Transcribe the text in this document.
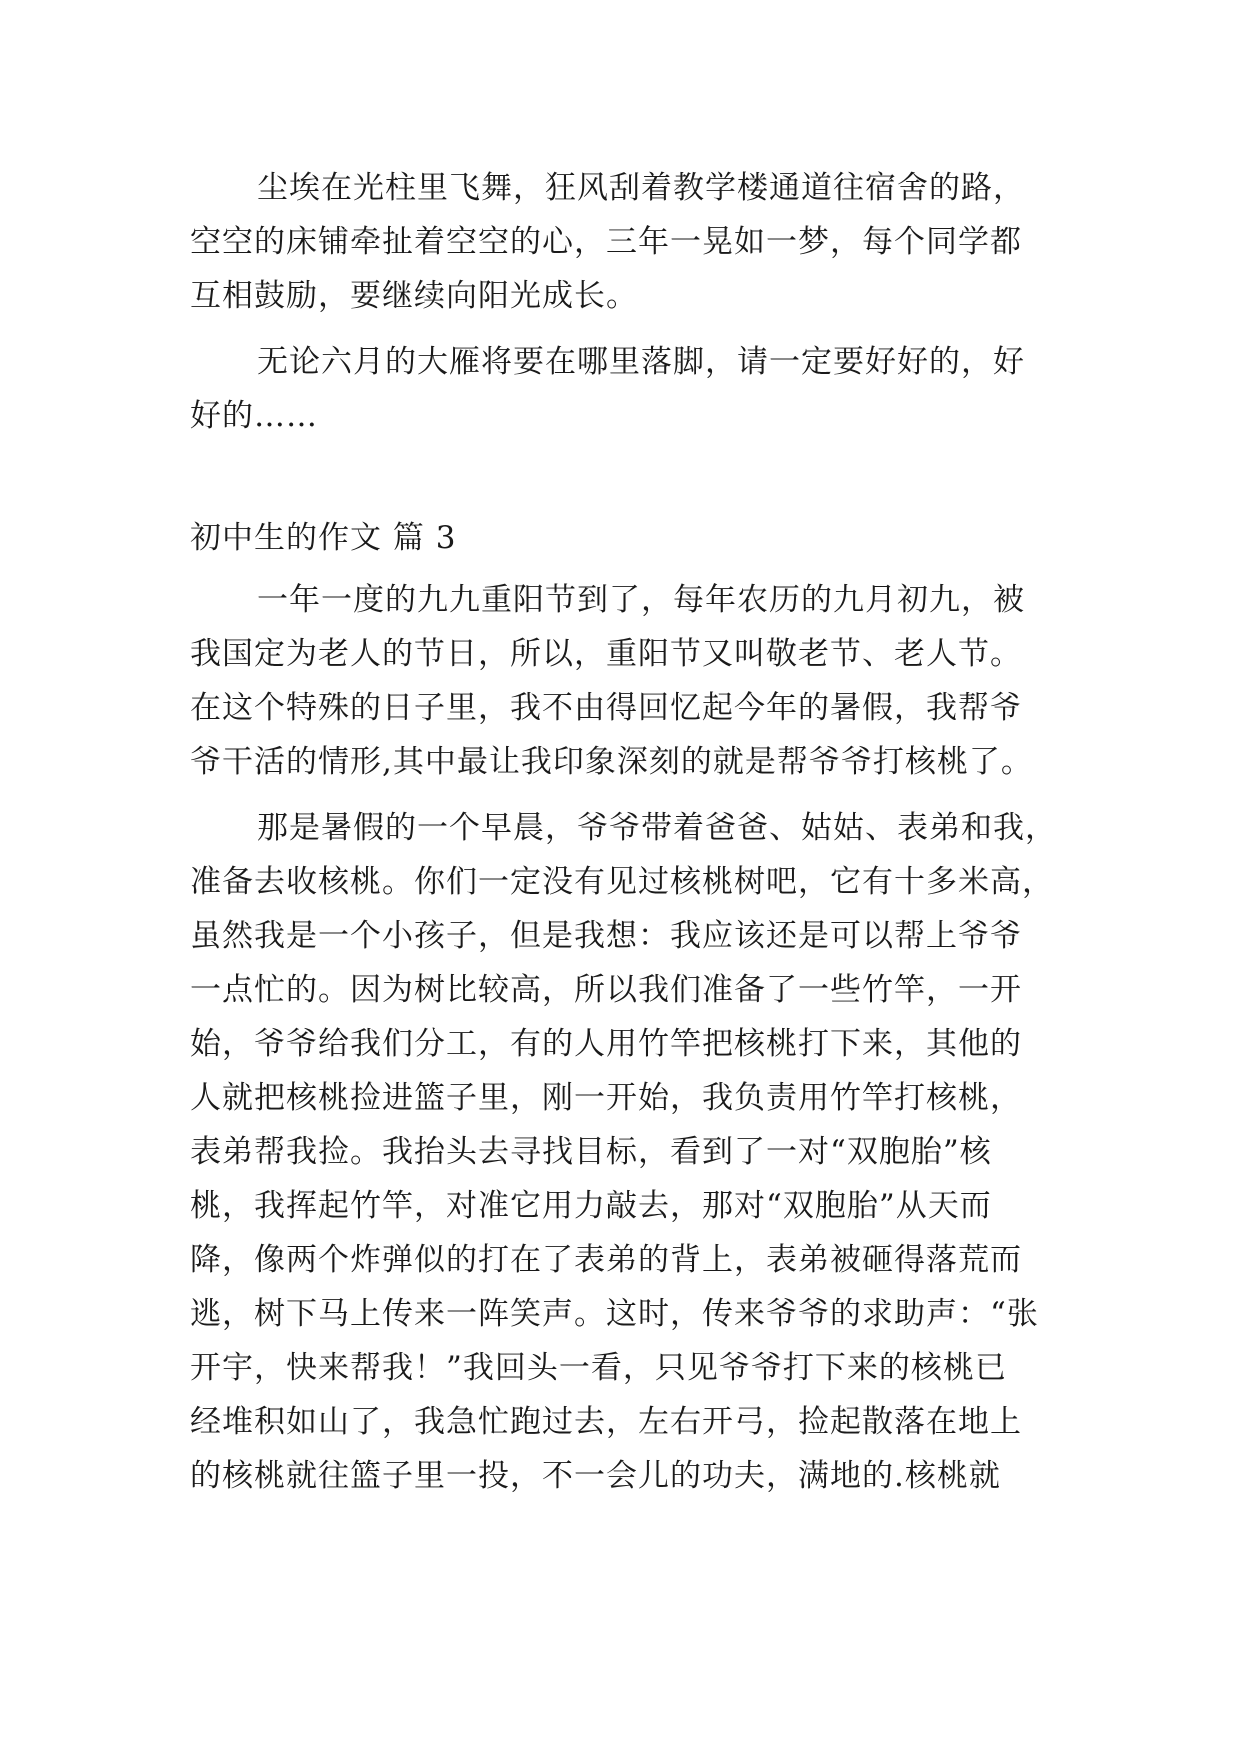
尘埃在光柱里飞舞，狂风刮着教学楼通道往宿舍的路，
空空的床铺牵扯着空空的心，三年一晃如一梦，每个同学都
互相鼓励，要继续向阳光成长。
无论六月的大雁将要在哪里落脚，请一定要好好的，好
好的……
初中生的作文 篇 3
一年一度的九九重阳节到了，每年农历的九月初九，被
我国定为老人的节日，所以，重阳节又叫敬老节、老人节。
在这个特殊的日子里，我不由得回忆起今年的暑假，我帮爷
爷干活的情形,其中最让我印象深刻的就是帮爷爷打核桃了。
那是暑假的一个早晨，爷爷带着爸爸、姑姑、表弟和我，
准备去收核桃。你们一定没有见过核桃树吧，它有十多米高，
虽然我是一个小孩子，但是我想：我应该还是可以帮上爷爷
一点忙的。因为树比较高，所以我们准备了一些竹竿，一开
始，爷爷给我们分工，有的人用竹竿把核桃打下来，其他的
人就把核桃捡进篮子里，刚一开始，我负责用竹竿打核桃，
表弟帮我捡。我抬头去寻找目标，看到了一对“双胞胎”核
桃，我挥起竹竿，对准它用力敲去，那对“双胞胎”从天而
降，像两个炸弹似的打在了表弟的背上，表弟被砸得落荒而
逃，树下马上传来一阵笑声。这时，传来爷爷的求助声：“张
开宇，快来帮我！”我回头一看，只见爷爷打下来的核桃已
经堆积如山了，我急忙跑过去，左右开弓，捡起散落在地上
的核桃就往篮子里一投，不一会儿的功夫，满地的.核桃就
